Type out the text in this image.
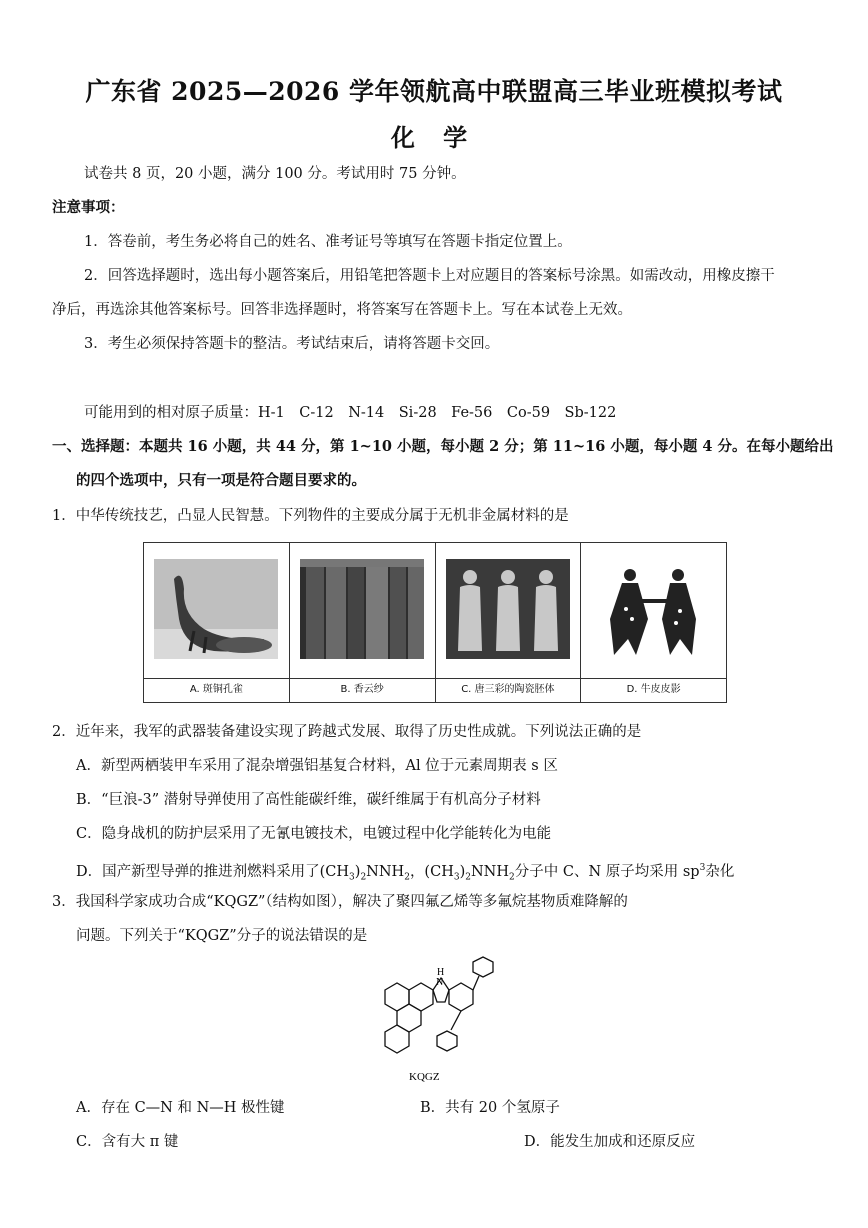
广东省 2025—2026 学年领航高中联盟高三毕业班模拟考试
化 学
试卷共 8 页，20 小题，满分 100 分。考试用时 75 分钟。
注意事项：
1．答卷前，考生务必将自己的姓名、准考证号等填写在答题卡指定位置上。
2．回答选择题时，选出每小题答案后，用铅笔把答题卡上对应题目的答案标号涂黑。如需改动，用橡皮擦干
净后，再选涂其他答案标号。回答非选择题时，将答案写在答题卡上。写在本试卷上无效。
3．考生必须保持答题卡的整洁。考试结束后，请将答题卡交回。
可能用到的相对原子质量：H-1　C-12　N-14　Si-28　Fe-56　Co-59　Sb-122
一、选择题：本题共 16 小题，共 44 分，第 1~10 小题，每小题 2 分；第 11~16 小题，每小题 4 分。在每小题给出
的四个选项中，只有一项是符合题目要求的。
1．中华传统技艺，凸显人民智慧。下列物件的主要成分属于无机非金属材料的是
A. 斑铜孔雀	B. 香云纱	C. 唐三彩的陶瓷胚体	D. 牛皮皮影
2．近年来，我军的武器装备建设实现了跨越式发展、取得了历史性成就。下列说法正确的是
A．新型两栖装甲车采用了混杂增强铝基复合材料，Al 位于元素周期表 s 区
B．“巨浪-3” 潜射导弹使用了高性能碳纤维，碳纤维属于有机高分子材料
C．隐身战机的防护层采用了无氰电镀技术，电镀过程中化学能转化为电能
D．国产新型导弹的推进剂燃料采用了$(CH_3)_2NNH_2$，$(CH_3)_2NNH_2$分子中 C、N 原子均采用 $sp^3$杂化
3．我国科学家成功合成“KQGZ”（结构如图），解决了聚四氟乙烯等多氟烷基物质难降解的
问题。下列关于“KQGZ”分子的说法错误的是
N
H
KQGZ
A．存在 C—N 和 N—H 极性键	B．共有 20 个氢原子
C．含有大 π 键	D．能发生加成和还原反应
